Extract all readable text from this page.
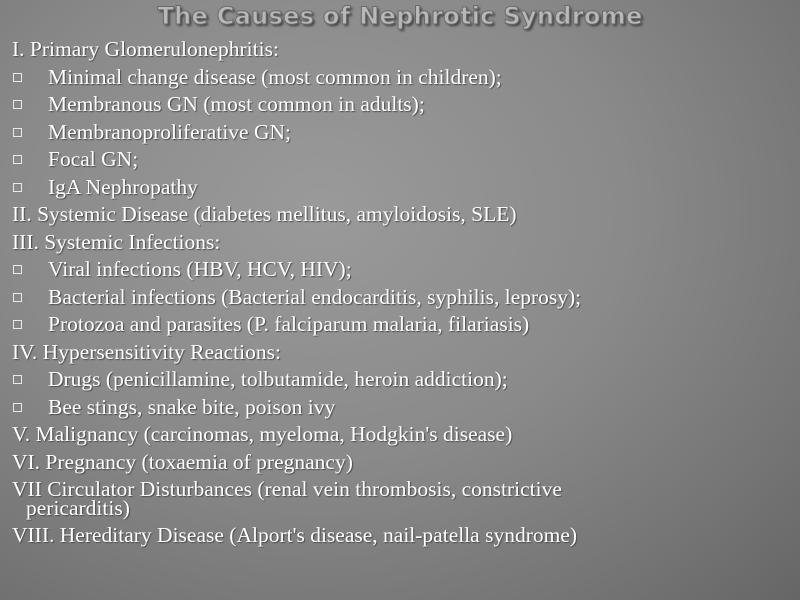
The Causes of Nephrotic Syndrome
I. Primary Glomerulonephritis:
Minimal change disease (most common in children);
Membranous GN (most common in adults);
Membranoproliferative GN;
Focal GN;
IgA Nephropathy
II. Systemic Disease (diabetes mellitus, amyloidosis, SLE)
III. Systemic Infections:
Viral infections (HBV, HCV, HIV);
Bacterial infections (Bacterial endocarditis, syphilis, leprosy);
Protozoa and parasites (P. falciparum malaria, filariasis)
IV. Hypersensitivity Reactions:
Drugs (penicillamine, tolbutamide, heroin addiction);
Bee stings, snake bite, poison ivy
V. Malignancy (carcinomas, myeloma, Hodgkin's disease)
VI. Pregnancy (toxaemia of pregnancy)
VII Circulator Disturbances (renal vein thrombosis, constrictive
pericarditis)
VIII. Hereditary Disease (Alport's disease, nail-patella syndrome)
